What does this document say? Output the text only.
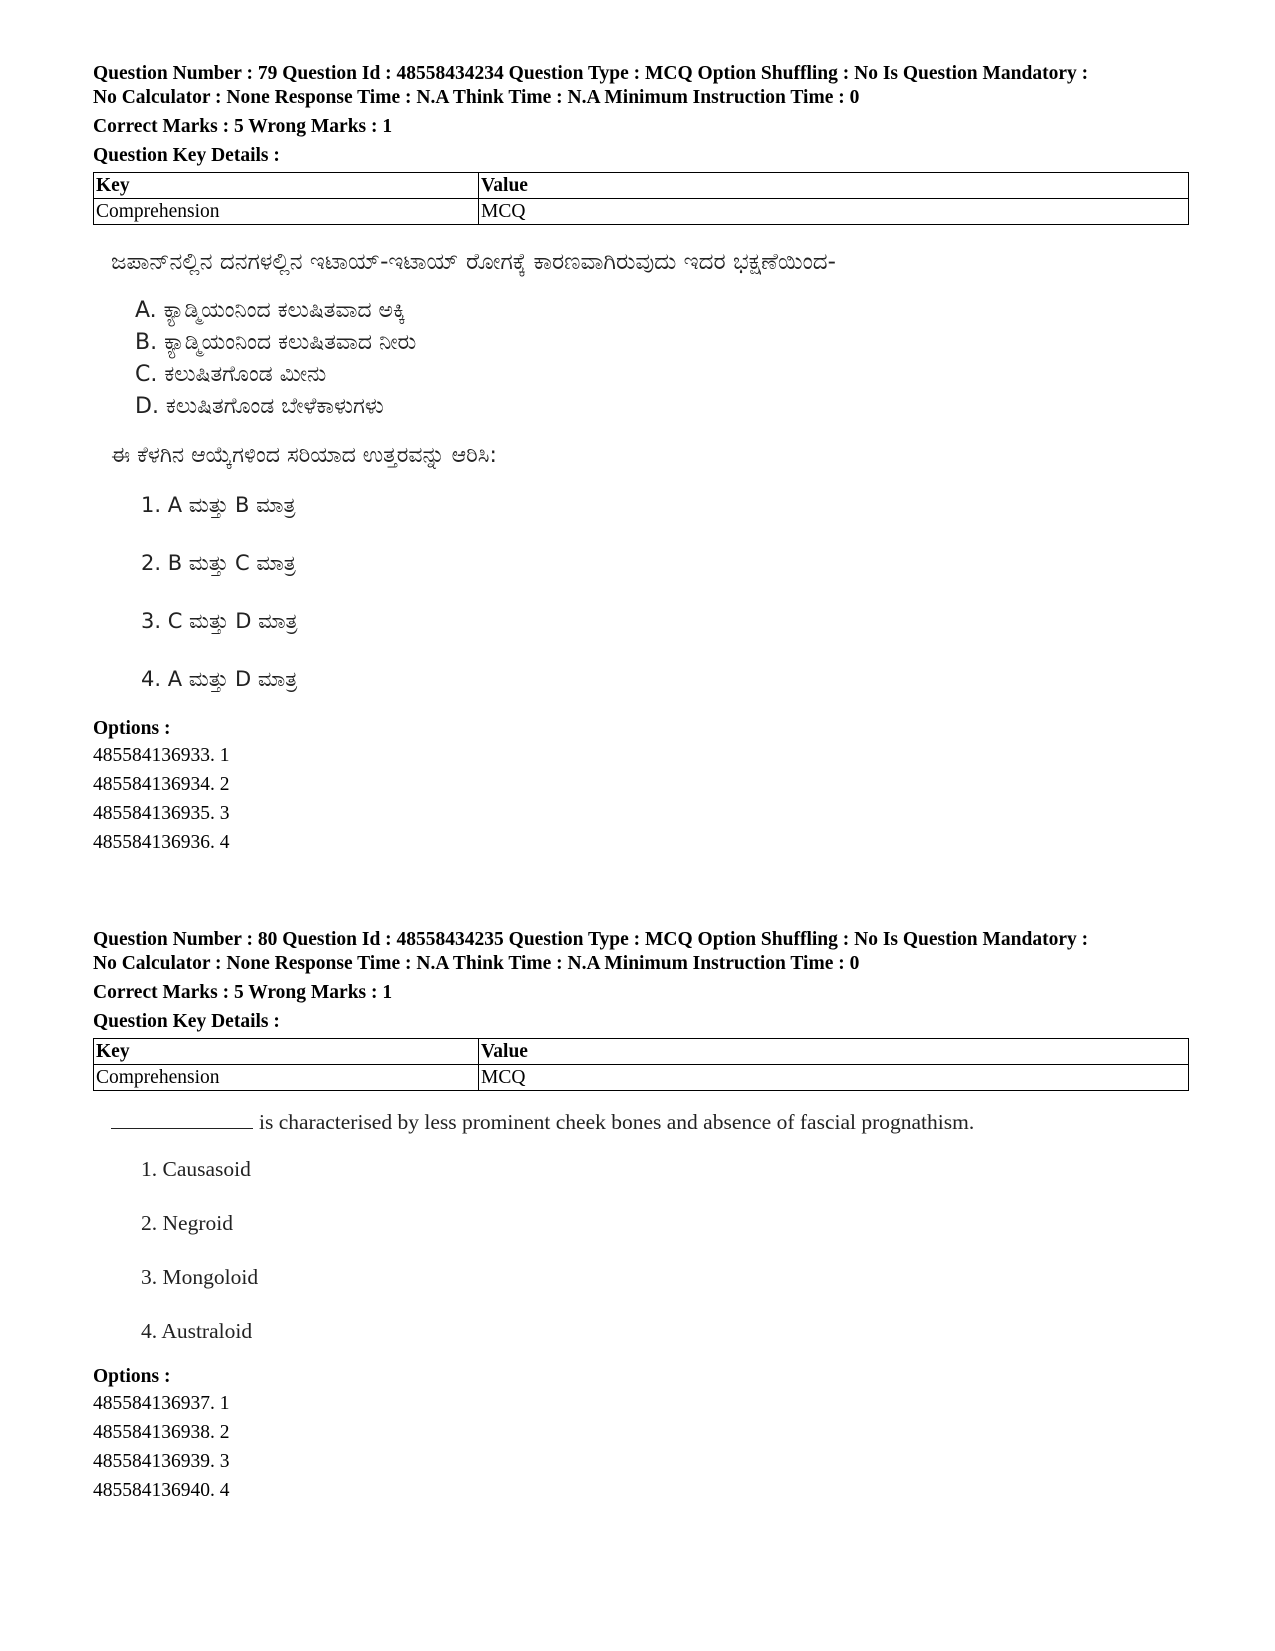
Question Number : 79 Question Id : 48558434234 Question Type : MCQ Option Shuffling : No Is Question Mandatory :
No Calculator : None Response Time : N.A Think Time : N.A Minimum Instruction Time : 0
Correct Marks : 5 Wrong Marks : 1
Question Key Details :
Key	Value
Comprehension	MCQ
ಜಪಾನ್‌ನಲ್ಲಿನ ದನಗಳಲ್ಲಿನ ಇಟಾಯ್-ಇಟಾಯ್ ರೋಗಕ್ಕೆ ಕಾರಣವಾಗಿರುವುದು ಇದರ ಭಕ್ಷಣೆಯಿಂದ-
A. ಕ್ಯಾಡ್ಮಿಯಂನಿಂದ ಕಲುಷಿತವಾದ ಅಕ್ಕಿ
B. ಕ್ಯಾಡ್ಮಿಯಂನಿಂದ ಕಲುಷಿತವಾದ ನೀರು
C. ಕಲುಷಿತಗೊಂಡ ಮೀನು
D. ಕಲುಷಿತಗೊಂಡ ಬೇಳೆಕಾಳುಗಳು
ಈ ಕೆಳಗಿನ ಆಯ್ಕೆಗಳಿಂದ ಸರಿಯಾದ ಉತ್ತರವನ್ನು ಆರಿಸಿ:
1. A ಮತ್ತು B ಮಾತ್ರ
2. B ಮತ್ತು C ಮಾತ್ರ
3. C ಮತ್ತು D ಮಾತ್ರ
4. A ಮತ್ತು D ಮಾತ್ರ
Options :
485584136933. 1
485584136934. 2
485584136935. 3
485584136936. 4
Question Number : 80 Question Id : 48558434235 Question Type : MCQ Option Shuffling : No Is Question Mandatory :
No Calculator : None Response Time : N.A Think Time : N.A Minimum Instruction Time : 0
Correct Marks : 5 Wrong Marks : 1
Question Key Details :
Key	Value
Comprehension	MCQ
is characterised by less prominent cheek bones and absence of fascial prognathism.
1. Causasoid
2. Negroid
3. Mongoloid
4. Australoid
Options :
485584136937. 1
485584136938. 2
485584136939. 3
485584136940. 4
